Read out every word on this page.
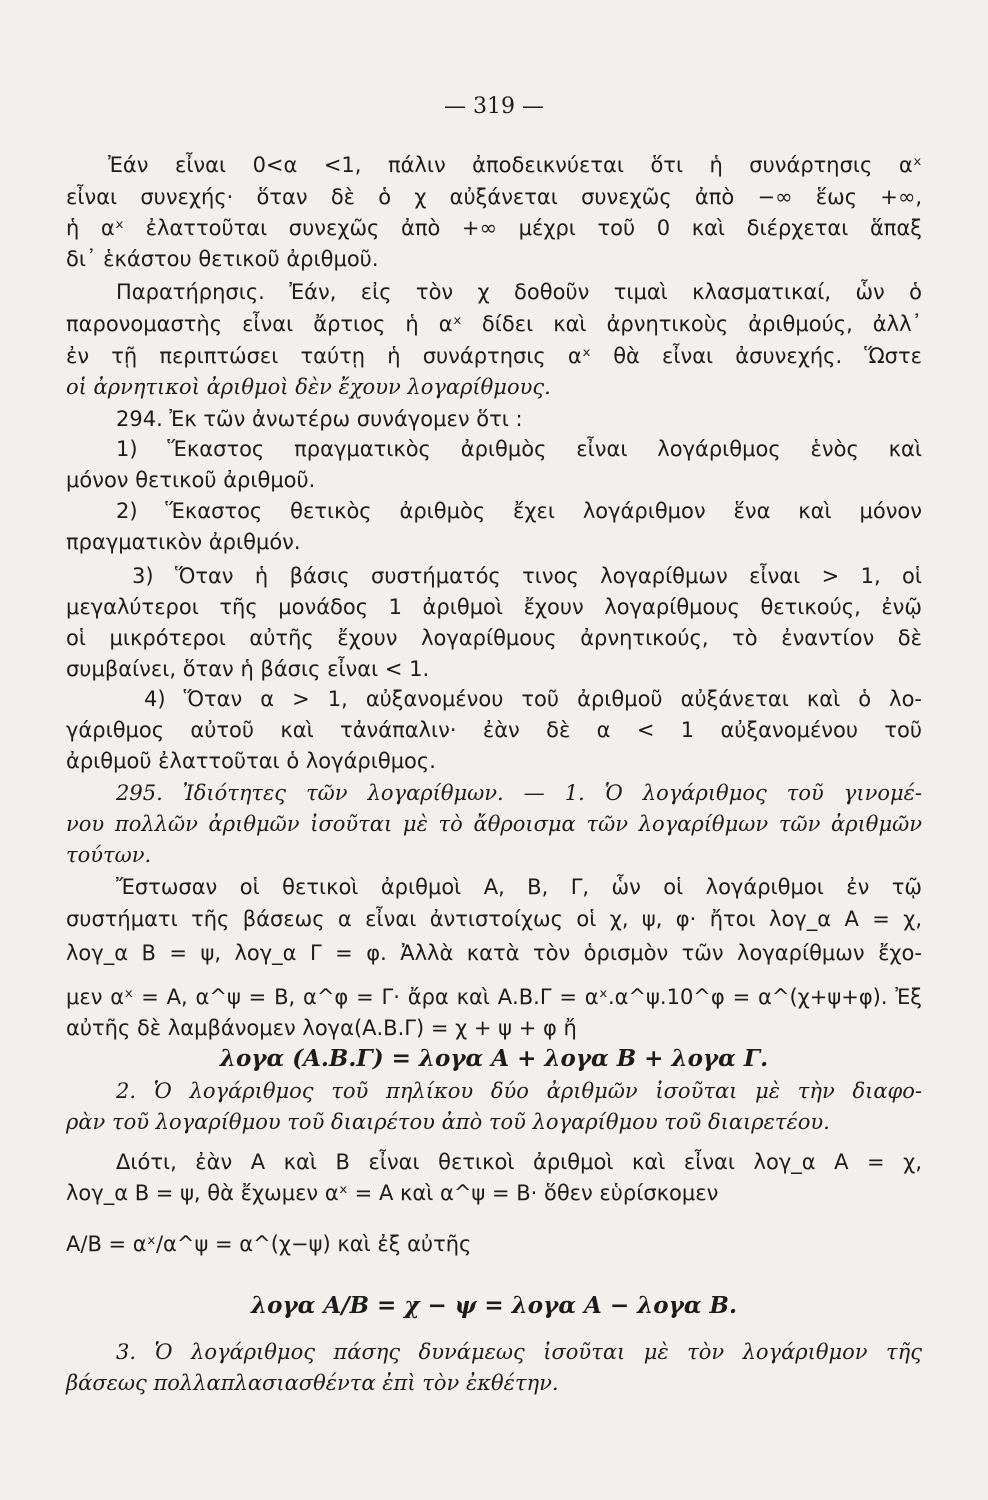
— 319 —
Ἐάν εἶναι 0<α <1, πάλιν ἀποδεικνύεται ὅτι ἡ συνάρτησις αˣ
εἶναι συνεχής· ὅταν δὲ ὁ χ αὐξάνεται συνεχῶς ἀπὸ −∞ ἕως +∞,
ἡ αˣ ἐλαττοῦται συνεχῶς ἀπὸ +∞ μέχρι τοῦ 0 καὶ διέρχεται ἅπαξ
δι᾿ ἑκάστου θετικοῦ ἀριθμοῦ.
Παρατήρησις. Ἐάν, εἰς τὸν χ δοθοῦν τιμαὶ κλασματικαί, ὧν ὁ
παρονομαστὴς εἶναι ἄρτιος ἡ αˣ δίδει καὶ ἀρνητικοὺς ἀριθμούς, ἀλλ᾿
ἐν τῇ περιπτώσει ταύτῃ ἡ συνάρτησις αˣ θὰ εἶναι ἀσυνεχής. Ὥστε
οἱ ἀρνητικοὶ ἀριθμοὶ δὲν ἔχουν λογαρίθμους.
294. Ἐκ τῶν ἀνωτέρω συνάγομεν ὅτι :
1) Ἕκαστος πραγματικὸς ἀριθμὸς εἶναι λογάριθμος ἑνὸς καὶ
μόνον θετικοῦ ἀριθμοῦ.
2) Ἕκαστος θετικὸς ἀριθμὸς ἔχει λογάριθμον ἕνα καὶ μόνον
πραγματικὸν ἀριθμόν.
3) Ὅταν ἡ βάσις συστήματός τινος λογαρίθμων εἶναι > 1, οἱ
μεγαλύτεροι τῆς μονάδος 1 ἀριθμοὶ ἔχουν λογαρίθμους θετικούς, ἐνῷ
οἱ μικρότεροι αὐτῆς ἔχουν λογαρίθμους ἀρνητικούς, τὸ ἐναντίον δὲ
συμβαίνει, ὅταν ἡ βάσις εἶναι < 1.
4) Ὅταν α > 1, αὐξανομένου τοῦ ἀριθμοῦ αὐξάνεται καὶ ὁ λο-
γάριθμος αὐτοῦ καὶ τἀνάπαλιν· ἐὰν δὲ α < 1 αὐξανομένου τοῦ
ἀριθμοῦ ἐλαττοῦται ὁ λογάριθμος.
295. Ἰδιότητες τῶν λογαρίθμων. — 1. Ὁ λογάριθμος τοῦ γινομέ-
νου πολλῶν ἀριθμῶν ἰσοῦται μὲ τὸ ἄθροισμα τῶν λογαρίθμων τῶν ἀριθμῶν
τούτων.
Ἔστωσαν οἱ θετικοὶ ἀριθμοὶ Α, Β, Γ, ὧν οἱ λογάριθμοι ἐν τῷ
συστήματι τῆς βάσεως α εἶναι ἀντιστοίχως οἱ χ, ψ, φ· ἤτοι λογ_α Α = χ,
λογ_α Β = ψ, λογ_α Γ = φ. Ἀλλὰ κατὰ τὸν ὁρισμὸν τῶν λογαρίθμων ἔχο-
μεν αˣ = Α, α^ψ = Β, α^φ = Γ· ἄρα καὶ Α.Β.Γ = αˣ.α^ψ.10^φ = α^(χ+ψ+φ). Ἐξ
αὐτῆς δὲ λαμβάνομεν λογα(Α.Β.Γ) = χ + ψ + φ ἤ
λογα (Α.Β.Γ) = λογα Α + λογα Β + λογα Γ.
2. Ὁ λογάριθμος τοῦ πηλίκου δύο ἀριθμῶν ἰσοῦται μὲ τὴν διαφο-
ρὰν τοῦ λογαρίθμου τοῦ διαιρέτου ἀπὸ τοῦ λογαρίθμου τοῦ διαιρετέου.
Διότι, ἐὰν Α καὶ Β εἶναι θετικοὶ ἀριθμοὶ καὶ εἶναι λογ_α Α = χ,
λογ_α Β = ψ, θὰ ἔχωμεν αˣ = Α καὶ α^ψ = Β· ὅθεν εὑρίσκομεν
Α/Β = αˣ/α^ψ = α^(χ−ψ) καὶ ἐξ αὐτῆς
λογα Α/Β = χ − ψ = λογα Α − λογα Β.
3. Ὁ λογάριθμος πάσης δυνάμεως ἰσοῦται μὲ τὸν λογάριθμον τῆς
βάσεως πολλαπλασιασθέντα ἐπὶ τὸν ἐκθέτην.
